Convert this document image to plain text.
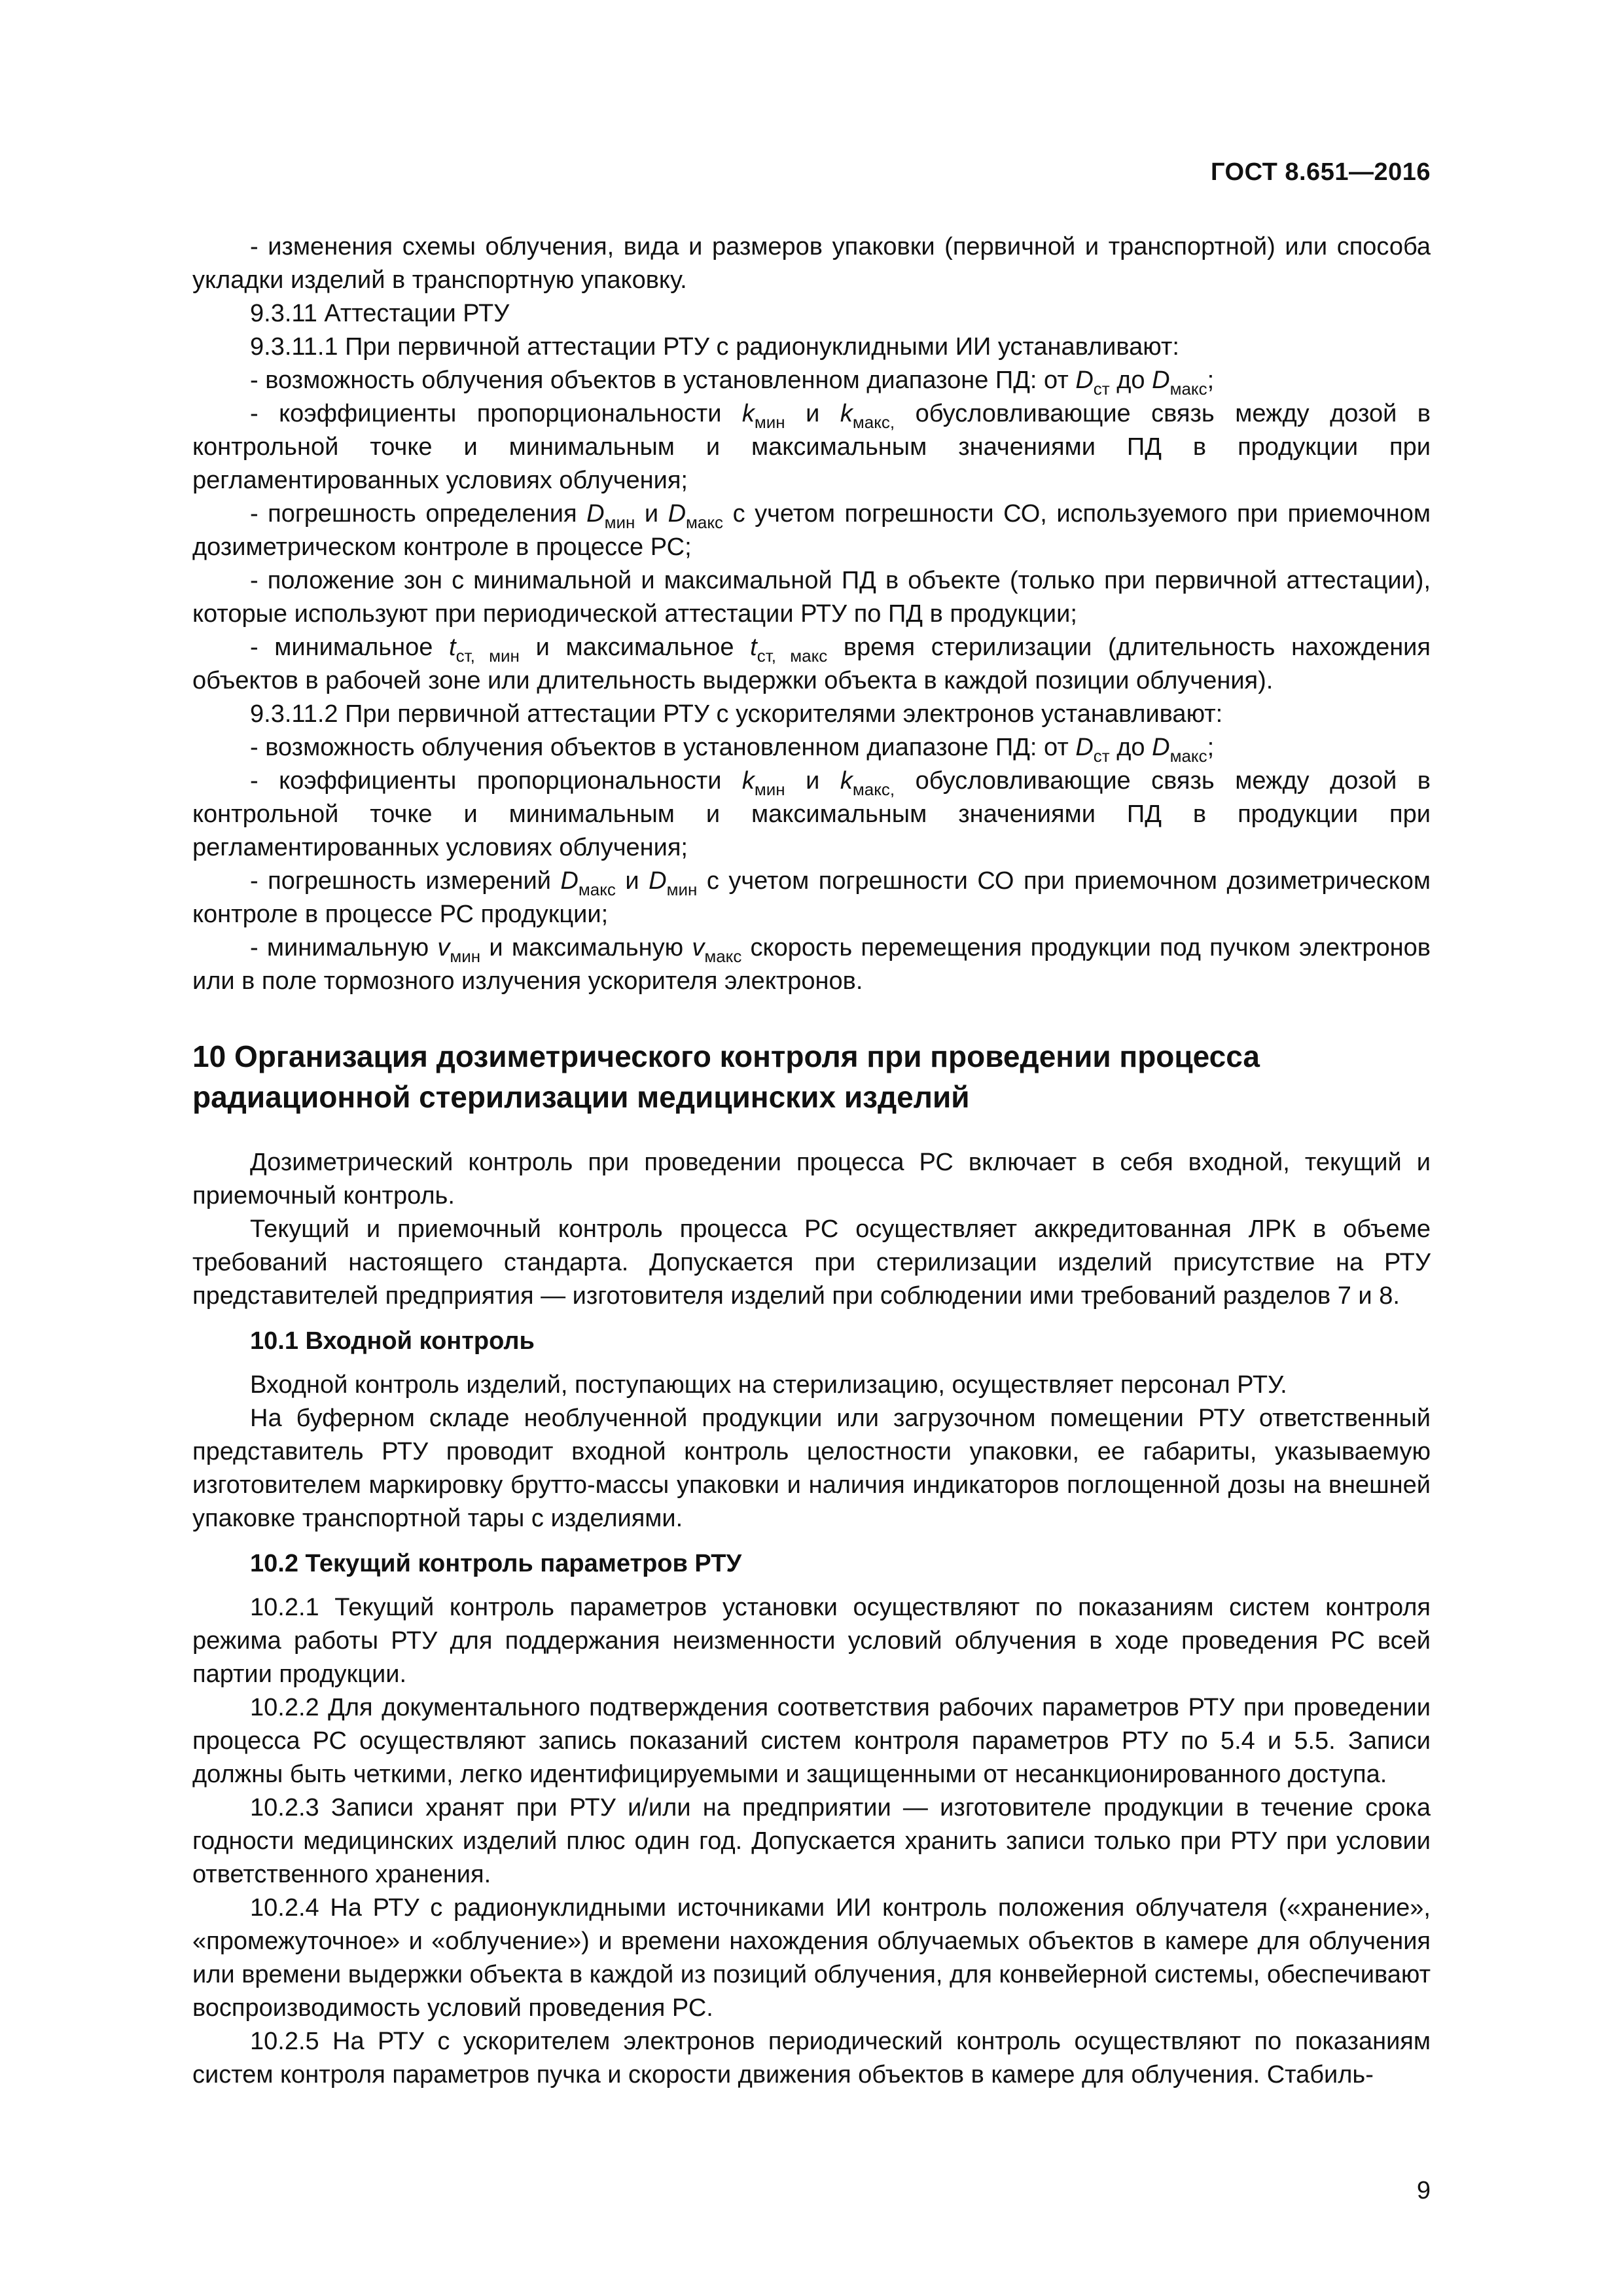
ГОСТ 8.651—2016

- изменения схемы облучения, вида и размеров упаковки (первичной и транспортной) или способа укладки изделий в транспортную упаковку.

9.3.11 Аттестации РТУ

9.3.11.1 При первичной аттестации РТУ с радионуклидными ИИ устанавливают:

- возможность облучения объектов в установленном диапазоне ПД: от $D_{ст}$ до $D_{макс}$;

- коэффициенты пропорциональности $k_{мин}$ и $k_{макс,}$ обусловливающие связь между дозой в контрольной точке и минимальным и максимальным значениями ПД в продукции при регламентированных условиях облучения;

- погрешность определения $D_{мин}$ и $D_{макс}$ с учетом погрешности СО, используемого при приемочном дозиметрическом контроле в процессе РС;

- положение зон с минимальной и максимальной ПД в объекте (только при первичной аттестации), которые используют при периодической аттестации РТУ по ПД в продукции;

- минимальное $t_{ст, мин}$ и максимальное $t_{ст, макс}$ время стерилизации (длительность нахождения объектов в рабочей зоне или длительность выдержки объекта в каждой позиции облучения).

9.3.11.2 При первичной аттестации РТУ с ускорителями электронов устанавливают:

- возможность облучения объектов в установленном диапазоне ПД: от $D_{ст}$ до $D_{макс}$;

- коэффициенты пропорциональности $k_{мин}$ и $k_{макс,}$ обусловливающие связь между дозой в контрольной точке и минимальным и максимальным значениями ПД в продукции при регламентированных условиях облучения;

- погрешность измерений $D_{макс}$ и $D_{мин}$ с учетом погрешности СО при приемочном дозиметрическом контроле в процессе РС продукции;

- минимальную $v_{мин}$ и максимальную $v_{макс}$ скорость перемещения продукции под пучком электронов или в поле тормозного излучения ускорителя электронов.

10 Организация дозиметрического контроля при проведении процесса радиационной стерилизации медицинских изделий

Дозиметрический контроль при проведении процесса РС включает в себя входной, текущий и приемочный контроль.

Текущий и приемочный контроль процесса РС осуществляет аккредитованная ЛРК в объеме требований настоящего стандарта. Допускается при стерилизации изделий присутствие на РТУ представителей предприятия — изготовителя изделий при соблюдении ими требований разделов 7 и 8.

10.1 Входной контроль

Входной контроль изделий, поступающих на стерилизацию, осуществляет персонал РТУ.

На буферном складе необлученной продукции или загрузочном помещении РТУ ответственный представитель РТУ проводит входной контроль целостности упаковки, ее габариты, указываемую изготовителем маркировку брутто-массы упаковки и наличия индикаторов поглощенной дозы на внешней упаковке транспортной тары с изделиями.

10.2 Текущий контроль параметров РТУ

10.2.1 Текущий контроль параметров установки осуществляют по показаниям систем контроля режима работы РТУ для поддержания неизменности условий облучения в ходе проведения РС всей партии продукции.

10.2.2 Для документального подтверждения соответствия рабочих параметров РТУ при проведении процесса РС осуществляют запись показаний систем контроля параметров РТУ по 5.4 и 5.5. Записи должны быть четкими, легко идентифицируемыми и защищенными от несанкционированного доступа.

10.2.3 Записи хранят при РТУ и/или на предприятии — изготовителе продукции в течение срока годности медицинских изделий плюс один год. Допускается хранить записи только при РТУ при условии ответственного хранения.

10.2.4 На РТУ с радионуклидными источниками ИИ контроль положения облучателя («хранение», «промежуточное» и «облучение») и времени нахождения облучаемых объектов в камере для облучения или времени выдержки объекта в каждой из позиций облучения, для конвейерной системы, обеспечивают воспроизводимость условий проведения РС.

10.2.5 На РТУ с ускорителем электронов периодический контроль осуществляют по показаниям систем контроля параметров пучка и скорости движения объектов в камере для облучения. Стабиль-

9
